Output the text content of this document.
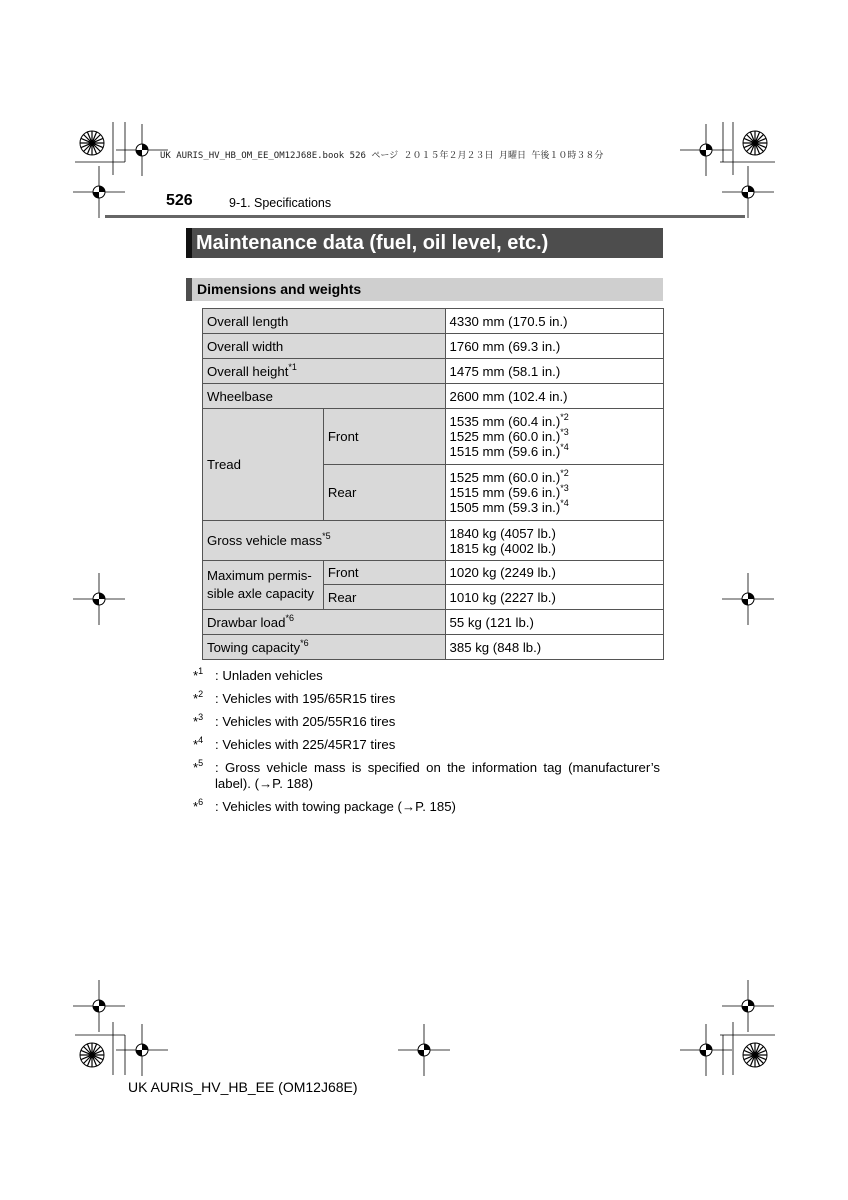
UK AURIS_HV_HB_OM_EE_OM12J68E.book 526 ページ ２０１５年２月２３日 月曜日 午後１０時３８分
526	9-1. Specifications
Maintenance data (fuel, oil level, etc.)
Dimensions and weights
Overall length		4330 mm (170.5 in.)
Overall width		1760 mm (69.3 in.)
Overall height$^{*1}$		1475 mm (58.1 in.)
Wheelbase		2600 mm (102.4 in.)
Tread	Front	1535 mm (60.4 in.)$^{*2}$
1525 mm (60.0 in.)$^{*3}$
1515 mm (59.6 in.)$^{*4}$

	Rear	1525 mm (60.0 in.)$^{*2}$
1515 mm (59.6 in.)$^{*3}$
1505 mm (59.3 in.)$^{*4}$

Gross vehicle mass$^{*5}$		1840 kg (4057 lb.)
1815 kg (4002 lb.)

Maximum permis-
sible axle capacity	Front	1020 kg (2249 lb.)
	Rear	1010 kg (2227 lb.)
Drawbar load$^{*6}$		55 kg (121 lb.)
Towing capacity$^{*6}$		385 kg (848 lb.)
*$^1$ : Unladen vehicles
*$^2$ : Vehicles with 195/65R15 tires
*$^3$ : Vehicles with 205/55R16 tires
*$^4$ : Vehicles with 225/45R17 tires
*$^5$ : Gross vehicle mass is specified on the information tag (manufacturer’s label). (→P. 188)
*$^6$ : Vehicles with towing package (→P. 185)
UK AURIS_HV_HB_EE (OM12J68E)
